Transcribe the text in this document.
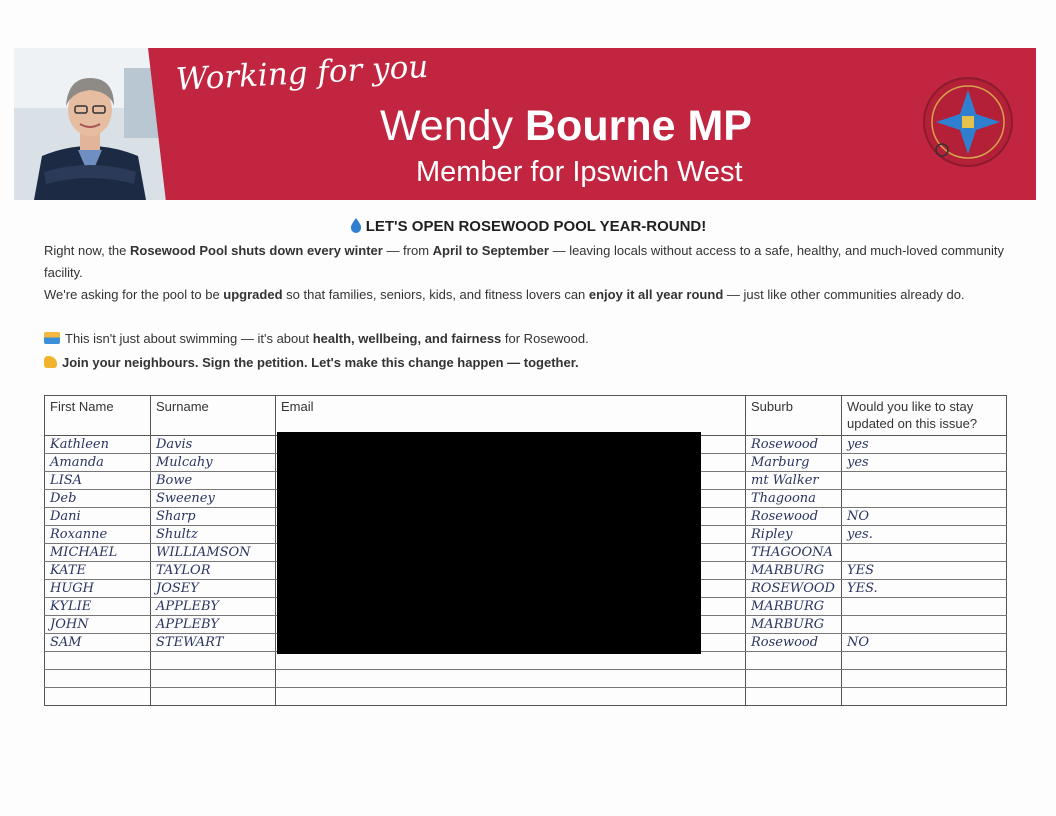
Working for you
Wendy Bourne MP
Member for Ipswich West
LET'S OPEN ROSEWOOD POOL YEAR-ROUND!
Right now, the Rosewood Pool shuts down every winter — from April to September — leaving locals without access to a safe, healthy, and much-loved community facility.
We're asking for the pool to be upgraded so that families, seniors, kids, and fitness lovers can enjoy it all year round — just like other communities already do.
This isn't just about swimming — it's about health, wellbeing, and fairness for Rosewood.
Join your neighbours. Sign the petition. Let's make this change happen — together.
First Name	Surname	Email	Suburb	Would you like to stay updated on this issue?
Kathleen	Davis		Rosewood	yes
Amanda	Mulcahy		Marburg	yes
LISA	Bowe		mt Walker	
Deb	Sweeney		Thagoona	
Dani	Sharp		Rosewood	NO
Roxanne	Shultz		Ripley	yes.
MICHAEL	WILLIAMSON		THAGOONA	
KATE	TAYLOR		MARBURG	YES
HUGH	JOSEY		ROSEWOOD	YES.
KYLIE	APPLEBY		MARBURG	
JOHN	APPLEBY		MARBURG	
SAM	STEWART		Rosewood	NO
